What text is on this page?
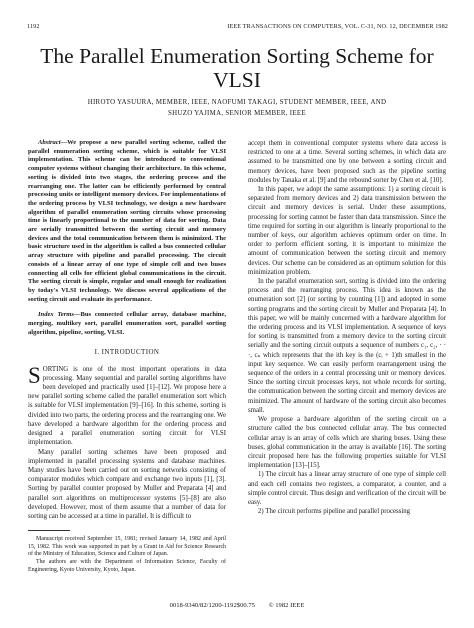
1192	IEEE TRANSACTIONS ON COMPUTERS, VOL. C-31, NO. 12, DECEMBER 1982
The Parallel Enumeration Sorting Scheme for
VLSI
HIROTO YASUURA, MEMBER, IEEE, NAOFUMI TAKAGI, STUDENT MEMBER, IEEE, AND
SHUZO YAJIMA, SENIOR MEMBER, IEEE

Abstract—We propose a new parallel sorting scheme, called the parallel enumeration sorting scheme, which is suitable for VLSI implementation. This scheme can be introduced to conventional computer systems without changing their architecture. In this scheme, sorting is divided into two stages, the ordering process and the rearranging one. The latter can be efficiently performed by central processing units or intelligent memory devices. For implementations of the ordering process by VLSI technology, we design a new hardware algorithm of parallel enumeration sorting circuits whose processing time is linearly proportional to the number of data for sorting. Data are serially transmitted between the sorting circuit and memory devices and the total communication between them is minimized. The basic structure used in the algorithm is called a bus connected cellular array structure with pipeline and parallel processing. The circuit consists of a linear array of one type of simple cell and two buses connecting all cells for efficient global communications in the circuit. The sorting circuit is simple, regular and small enough for realization by today's VLSI technology. We discuss several applications of the sorting circuit and evaluate its performance.

Index Terms—Bus connected cellular array, database machine, merging, multikey sort, parallel enumeration sort, parallel sorting algorithm, pipeline, sorting, VLSI.

I. INTRODUCTION

SORTING is one of the most important operations in data processing. Many sequential and parallel sorting algorithms have been developed and practically used [1]–[12]. We propose here a new parallel sorting scheme called the parallel enumeration sort which is suitable for VLSI implementation [9]–[16]. In this scheme, sorting is divided into two parts, the ordering process and the rearranging one. We have developed a hardware algorithm for the ordering process and designed a parallel enumeration sorting circuit for VLSI implementation.

Many parallel sorting schemes have been proposed and implemented in parallel processing systems and database machines. Many studies have been carried out on sorting networks consisting of comparator modules which compare and exchange two inputs [1], [3]. Sorting by parallel counter proposed by Muller and Preparata [4] and parallel sort algorithms on multiprocessor systems [5]–[8] are also developed. However, most of them assume that a number of data for sorting can be accessed at a time in parallel. It is difficult to

Manuscript received September 15, 1981; revised January 14, 1982 and April 15, 1982. This work was supported in part by a Grant in Aid for Science Research of the Ministry of Education, Science and Culture of Japan.

The authors are with the Department of Information Science, Faculty of Engineering, Kyoto University, Kyoto, Japan.

accept them in conventional computer systems where data access is restricted to one at a time. Several sorting schemes, in which data are assumed to be transmitted one by one between a sorting circuit and memory devices, have been proposed such as the pipeline sorting modules by Tanaka et al. [9] and the rebound sorter by Chen et al. [10].

In this paper, we adopt the same assumptions: 1) a sorting circuit is separated from memory devices and 2) data transmission between the circuit and memory devices is serial. Under these assumptions, processing for sorting cannot be faster than data transmission. Since the time required for sorting in our algorithm is linearly proportional to the number of keys, our algorithm achieves optimum order on time. In order to perform efficient sorting, it is important to minimize the amount of communication between the sorting circuit and memory devices. Our scheme can be considered as an optimum solution for this minimization problem.

In the parallel enumeration sort, sorting is divided into the ordering process and the rearranging process. This idea is known as the enumeration sort [2] (or sorting by counting [1]) and adopted in some sorting programs and the sorting circuit by Muller and Preparata [4]. In this paper, we will be mainly concerned with a hardware algorithm for the ordering process and its VLSI implementation. A sequence of keys for sorting is transmitted from a memory device to the sorting circuit serially and the sorting circuit outputs a sequence of numbers c₁, c₂, · · ·, cₙ which represents that the ith key is the (cᵢ + 1)th smallest in the input key sequence. We can easily perform rearrangement using the sequence of the orders in a central processing unit or memory devices. Since the sorting circuit processes keys, not whole records for sorting, the communication between the sorting circuit and memory devices are minimized. The amount of hardware of the sorting circuit also becomes small.

We propose a hardware algorithm of the sorting circuit on a structure called the bus connected cellular array. The bus connected cellular array is an array of cells which are sharing buses. Using these buses, global communication in the array is available [16]. The sorting circuit proposed here has the following properties suitable for VLSI implementation [13]–[15].

1) The circuit has a linear array structure of one type of simple cell and each cell contains two registers, a comparator, a counter, and a simple control circuit. Thus design and verification of the circuit will be easy.

2) The circuit performs pipeline and parallel processing

0018-9340/82/1200-1192$00.75 © 1982 IEEE
